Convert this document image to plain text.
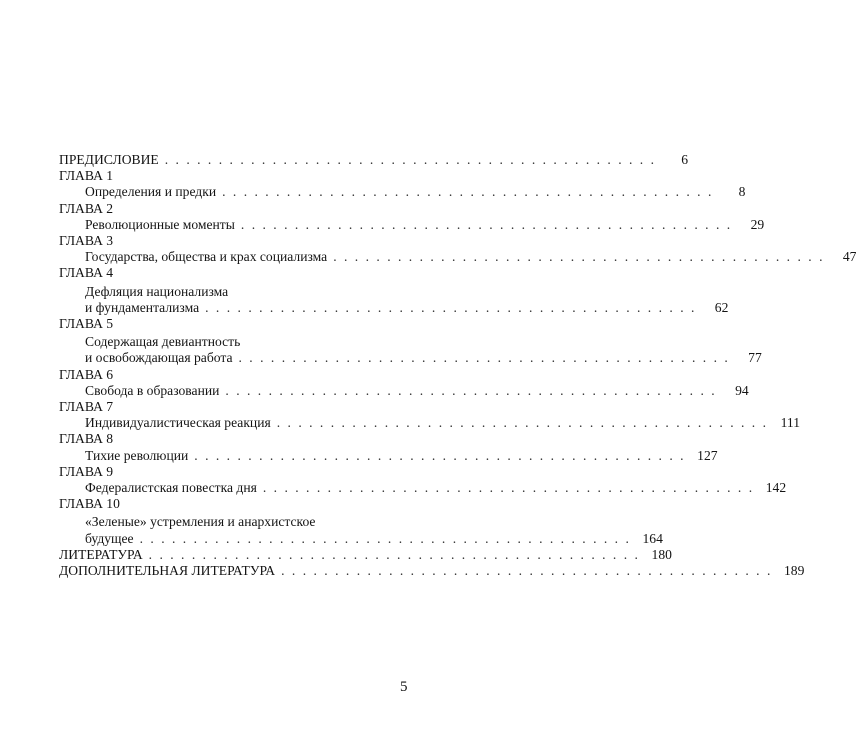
ПРЕДИСЛОВИЕ . . . . . . . . . . . . . . . . . . . . . . . . . . . . . . . . . . . . . . . . . . . . . .	6
ГЛАВА 1
Определения и предки . . . . . . . . . . . . . . . . . . . . . . . . . . . . . . . . . . . . . . . . . . . . . .	8
ГЛАВА 2
Революционные моменты . . . . . . . . . . . . . . . . . . . . . . . . . . . . . . . . . . . . . . . . . . . . . .	29
ГЛАВА 3
Государства, общества и крах социализма . . . . . . . . . . . . . . . . . . . . . . . . . . . . . . . . . . . . . . . . . . . . . .	47
ГЛАВА 4
Дефляция национализма
и фундаментализма . . . . . . . . . . . . . . . . . . . . . . . . . . . . . . . . . . . . . . . . . . . . . .	62
ГЛАВА 5
Содержащая девиантность
и освобождающая работа . . . . . . . . . . . . . . . . . . . . . . . . . . . . . . . . . . . . . . . . . . . . . .	77
ГЛАВА 6
Свобода в образовании . . . . . . . . . . . . . . . . . . . . . . . . . . . . . . . . . . . . . . . . . . . . . .	94
ГЛАВА 7
Индивидуалистическая реакция . . . . . . . . . . . . . . . . . . . . . . . . . . . . . . . . . . . . . . . . . . . . . . 111
ГЛАВА 8
Тихие революции . . . . . . . . . . . . . . . . . . . . . . . . . . . . . . . . . . . . . . . . . . . . . . 127
ГЛАВА 9
Федералистская повестка дня . . . . . . . . . . . . . . . . . . . . . . . . . . . . . . . . . . . . . . . . . . . . . . 142
ГЛАВА 10
«Зеленые» устремления и анархистское
будущее . . . . . . . . . . . . . . . . . . . . . . . . . . . . . . . . . . . . . . . . . . . . . . 164
ЛИТЕРАТУРА . . . . . . . . . . . . . . . . . . . . . . . . . . . . . . . . . . . . . . . . . . . . . . 180
ДОПОЛНИТЕЛЬНАЯ ЛИТЕРАТУРА . . . . . . . . . . . . . . . . . . . . . . . . . . . . . . . . . . . . . . . . . . . . . . 189
5
